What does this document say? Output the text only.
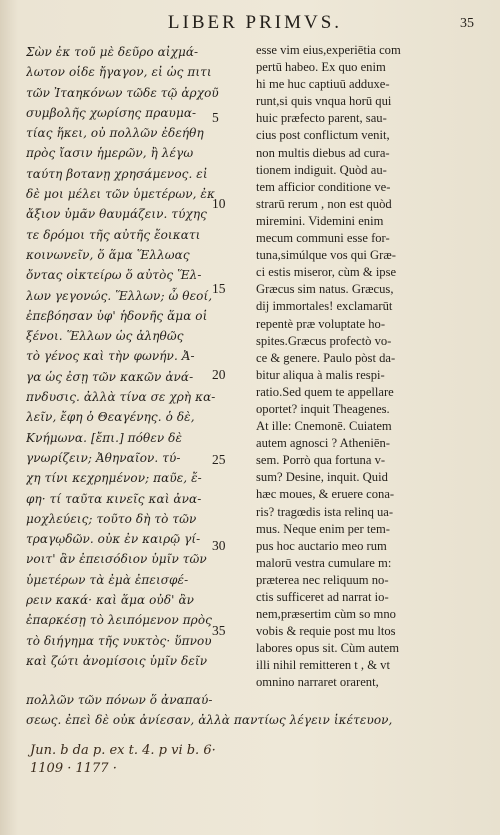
LIBER PRIMVS.	35
Σὼν ἐκ τοῦ μὲ δεῦρο αἰχμά-
λωτον οἱδε ἤγαγον, εἰ ὡς πιτι
τῶν Ἰταηκόνων τῶδε τῷ ἀρχοῦ
συμβολῆς χωρίσης πραυμα-
τίας ἥκει, οὐ πολλῶν ἐδεήθη
πρὸς ἴασιν ἡμερῶν, ἢ λέγω
ταύτη βοτανῃ χρησάμενος. εἰ
δὲ μοι μέλει τῶν ὑμετέρων, ἐκ
ἄξιον ὑμᾶν θαυμάζειν. τύχης
τε δρόμοι τῆς αὐτῆς ἔοικατι
κοινωνεῖν, ὅ ἅμα Ἕλλωας
ὄντας οἰκτείρω ὅ αὐτὸς Ἕλ-
λων γεγονώς. Ἕλλων; ὦ θεοί,
ἐπεβόησαν ὑφ' ἡδονῆς ἅμα οἱ
ξένοι. Ἕλλων ὡς ἀληθῶς
τὸ γένος καὶ τὴν φωνήν. Ἀ-
γα ὡς ἐσῃ τῶν κακῶν ἀνά-
πνδυσις. ἀλλὰ τίνα σε χρὴ κα-
λεῖν, ἔφη ὁ Θεαγένης. ὁ δὲ,
Κνήμωνα. [ἔπι.] πόθεν δὲ
γνωρίζειν; Ἀθηναῖον. τύ-
χη τίνι κεχρημένον; παῦε, ἔ-
φη· τί ταῦτα κινεῖς καὶ ἀνα-
μοχλεύεις; τοῦτο δὴ τὸ τῶν
τραγῳδῶν. οὐκ ἐν καιρῷ γί-
νοιτ' ἂν ἐπεισόδιον ὑμῖν τῶν
ὑμετέρων τὰ ἐμὰ ἐπεισφέ-
ρειν κακά· καὶ ἅμα οὐδ' ἂν
ἐπαρκέσῃ τὸ λειπόμενον πρὸς
τὸ διήγημα τῆς νυκτὸς· ὕπνου
καὶ ζώτι ἀνομίσοις ὑμῖν δεῖν
esse vim eius,experiētia com
pertū habeo. Ex quo enim
hi me huc captiuū adduxe-
runt,si quis vnqua horū qui
huic præfecto parent, sau-
cius post conflictum venit,
non multis diebus ad cura-
tionem indiguit. Quòd au-
tem afficior conditione ve-
strarū rerum , non est quòd
miremini. Videmini enim
mecum communi esse for-
tuna,simúlque vos qui Græ-
ci estis miseror, cùm & ipse
Græcus sim natus. Græcus,
dij immortales! exclamarūt
repentè præ voluptate ho-
spites.Græcus profectò vo-
ce & genere. Paulo pòst da-
bitur aliqua à malis respi-
ratio.Sed quem te appellare
oportet? inquit Theagenes.
At ille: Cnemonē. Cuiatem
autem agnosci ? Atheniēn-
sem. Porrò qua fortuna v-
sum? Desine, inquit. Quid
hæc moues, & eruere cona-
ris? tragœdis ista relinq ua-
mus. Neque enim per tem-
pus hoc auctario meo rum
malorū vestra cumulare m:
præterea nec reliquum no-
ctis sufficeret ad narrat io-
nem,præsertim cùm so mno
vobis & requie post mu ltos
labores opus sit. Cùm autem
illi nihil remitteren t , & vt
omnino narraret orarent,
5
10
15
20
25
30
35
πολλῶν τῶν πόνων ὅ ἀναπαύ-
σεως. ἐπεὶ δὲ οὐκ ἀνίεσαν, ἀλλὰ παντίως λέγειν ἱκέτευον,
Jun. b da p. ex t. 4. p vi b. 6·
1109 · 1177 ·
